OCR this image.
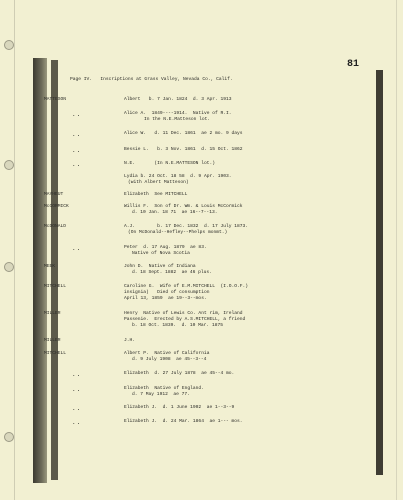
81
Page IV.   Inscriptions at Grass Valley, Nevada Co., Calif.
MATTESON	Albert   b. 7 Jan. 1824  d. 3 Apr. 1913
..	Alice A.  1849----1914.  Native of R.I.
In the N.E.Matteson lot.
..	Alice W.   d. 11 Dec. 1861  ae 2 mo. 9 days
..	Bessie L.   b. 3 Nov. 1861  d. 15 Oct. 1862
..	N.E.       (In N.E.MATTESON lot.)
Lydia b. 24 Oct. 18 58  d. 9 Apr. 1903.
(with Albert Matteson)
MAYHEUT	Elizabeth  See MITCHELL
McCORMICK	Willis F.  Son of Dr. Wm. & Louis McCormick
d. 10 Jan. 18 71  ae 16--7--13.
McDONALD	A.J.        b. 17 Dec. 1832  d. 17 July 1873.
(On McDonald--Hefley--Phelps monmt.)
..	Peter  d. 17 Aug. 1879  ae 83.
Native of Nova Scotia
MEEK	John D.  Native of Indiana
d. 18 Sept. 1882  ae 46 plus.
MITCHELL	Caroline G.  Wife of E.M.MITCHELL  (I.O.O.F.)
insignia)   Died of consumption
April 13, 1859  ae 19--3--mos.
MILLER	Henry  Native of Lewis Co. Ant rim, Ireland
Passenie.  Erected by A.S.MITCHELL, a friend
b. 18 Oct. 1839.  d. 10 Mar. 1875
MILLER	J.H.
MITCHELL	Albert P.  Native of California
d. 9 July 1908  ae 45--3--4
..	Elizabeth  d. 27 July 1878  ae 45--4 mo.
..	Elizabeth  Native of England.
d. 7 May 1912  ae 77.
..	Elizabeth J.  d. 1 June 1902  ae 1--3--9
..	Elizabeth J.  d. 24 Mar. 1864  ae 1--- mos.
